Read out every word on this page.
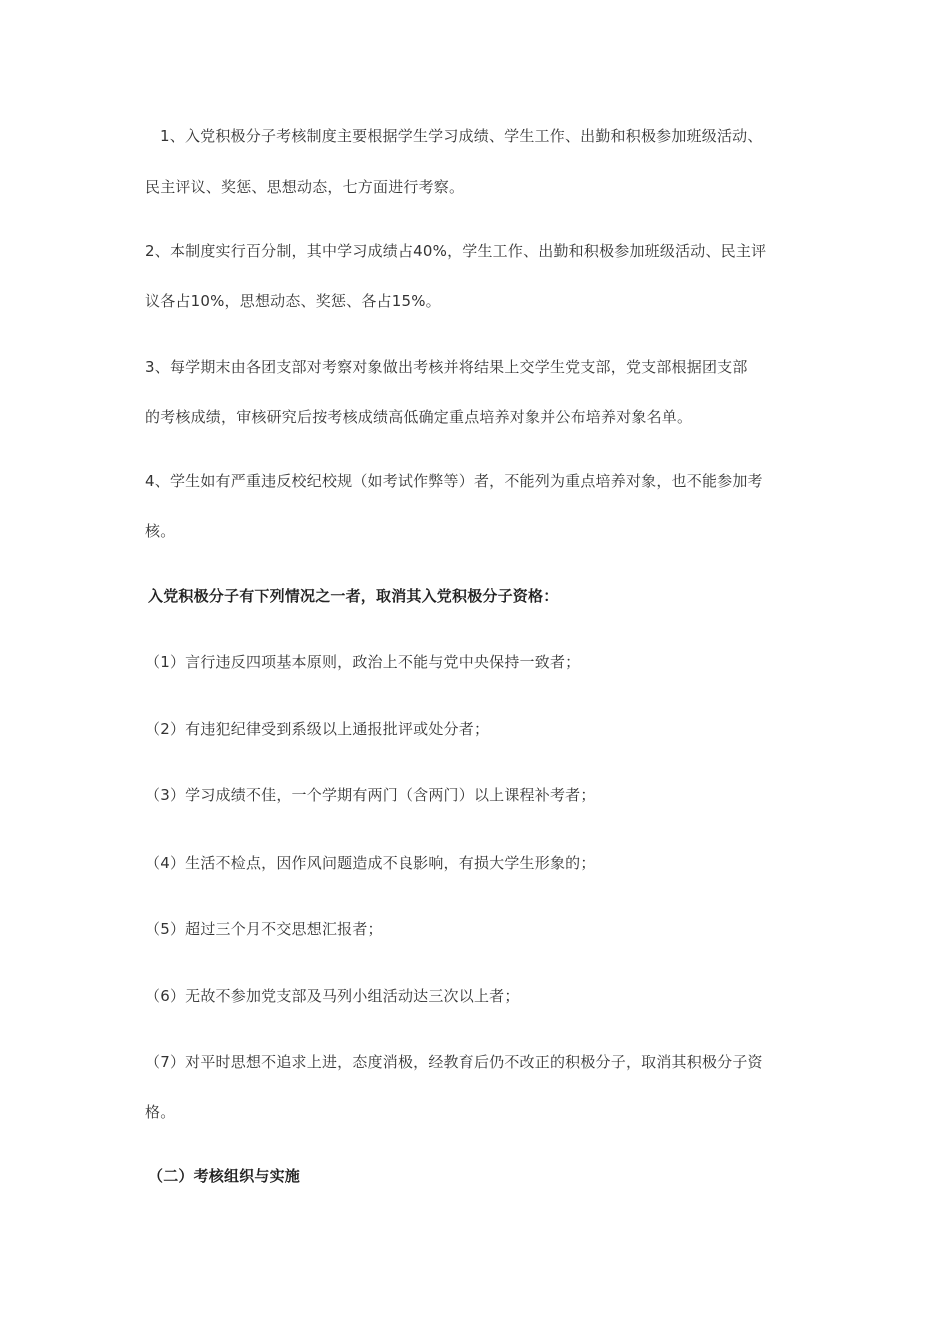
1、入党积极分子考核制度主要根据学生学习成绩、学生工作、出勤和积极参加班级活动、
民主评议、奖惩、思想动态，七方面进行考察。
2、本制度实行百分制，其中学习成绩占40%，学生工作、出勤和积极参加班级活动、民主评
议各占10%，思想动态、奖惩、各占15%。
3、每学期末由各团支部对考察对象做出考核并将结果上交学生党支部，党支部根据团支部
的考核成绩，审核研究后按考核成绩高低确定重点培养对象并公布培养对象名单。
4、学生如有严重违反校纪校规（如考试作弊等）者，不能列为重点培养对象，也不能参加考
核。
入党积极分子有下列情况之一者，取消其入党积极分子资格：
（1）言行违反四项基本原则，政治上不能与党中央保持一致者；
（2）有违犯纪律受到系级以上通报批评或处分者；
（3）学习成绩不佳，一个学期有两门（含两门）以上课程补考者；
（4）生活不检点，因作风问题造成不良影响，有损大学生形象的；
（5）超过三个月不交思想汇报者；
（6）无故不参加党支部及马列小组活动达三次以上者；
（7）对平时思想不追求上进，态度消极，经教育后仍不改正的积极分子，取消其积极分子资
格。
（二）考核组织与实施
